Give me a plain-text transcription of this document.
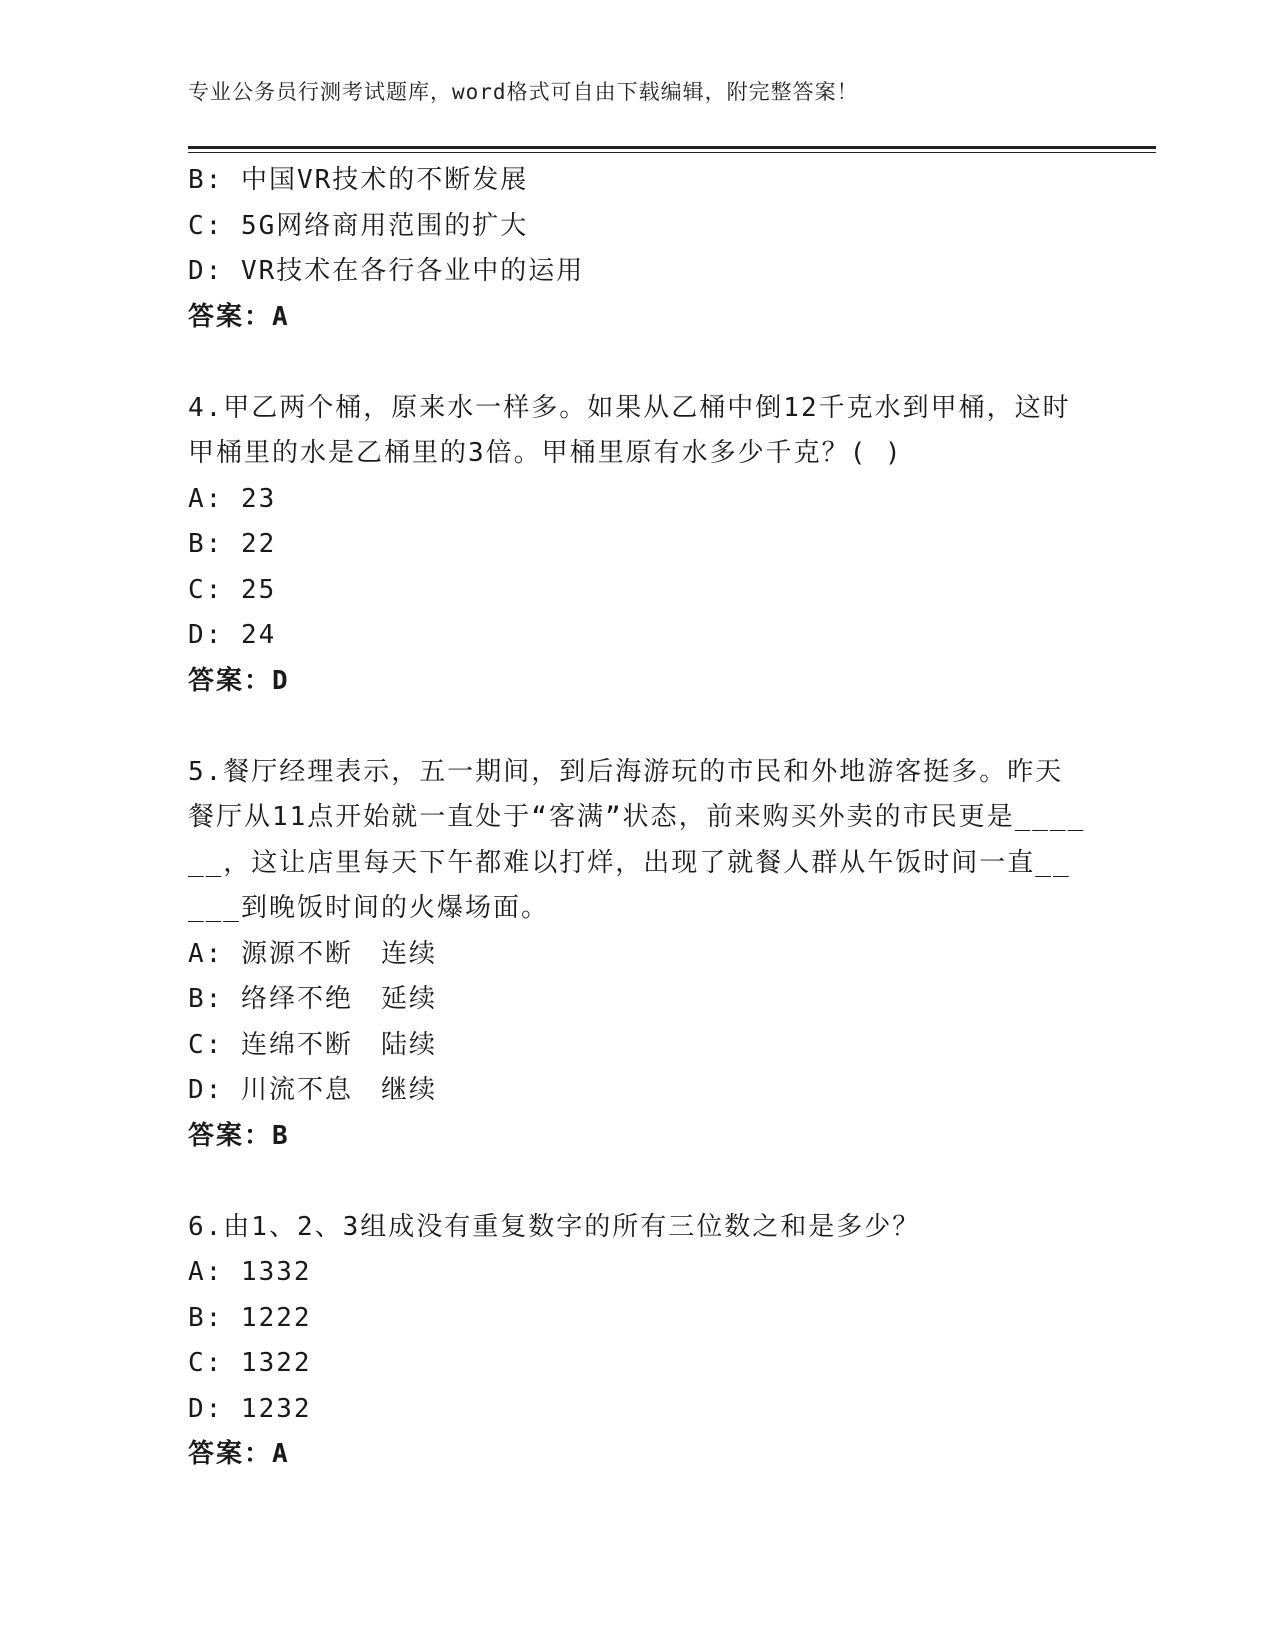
专业公务员行测考试题库，word格式可自由下载编辑，附完整答案！
B: 中国VR技术的不断发展
C: 5G网络商用范围的扩大
D: VR技术在各行各业中的运用
答案：A
4.甲乙两个桶，原来水一样多。如果从乙桶中倒12千克水到甲桶，这时甲桶里的水是乙桶里的3倍。甲桶里原有水多少千克？( )
A: 23
B: 22
C: 25
D: 24
答案：D
5.餐厅经理表示，五一期间，到后海游玩的市民和外地游客挺多。昨天餐厅从11点开始就一直处于“客满”状态，前来购买外卖的市民更是______，这让店里每天下午都难以打烊，出现了就餐人群从午饭时间一直_____到晚饭时间的火爆场面。
A: 源源不断　连续
B: 络绎不绝　延续
C: 连绵不断　陆续
D: 川流不息　继续
答案：B
6.由1、2、3组成没有重复数字的所有三位数之和是多少？
A: 1332
B: 1222
C: 1322
D: 1232
答案：A
